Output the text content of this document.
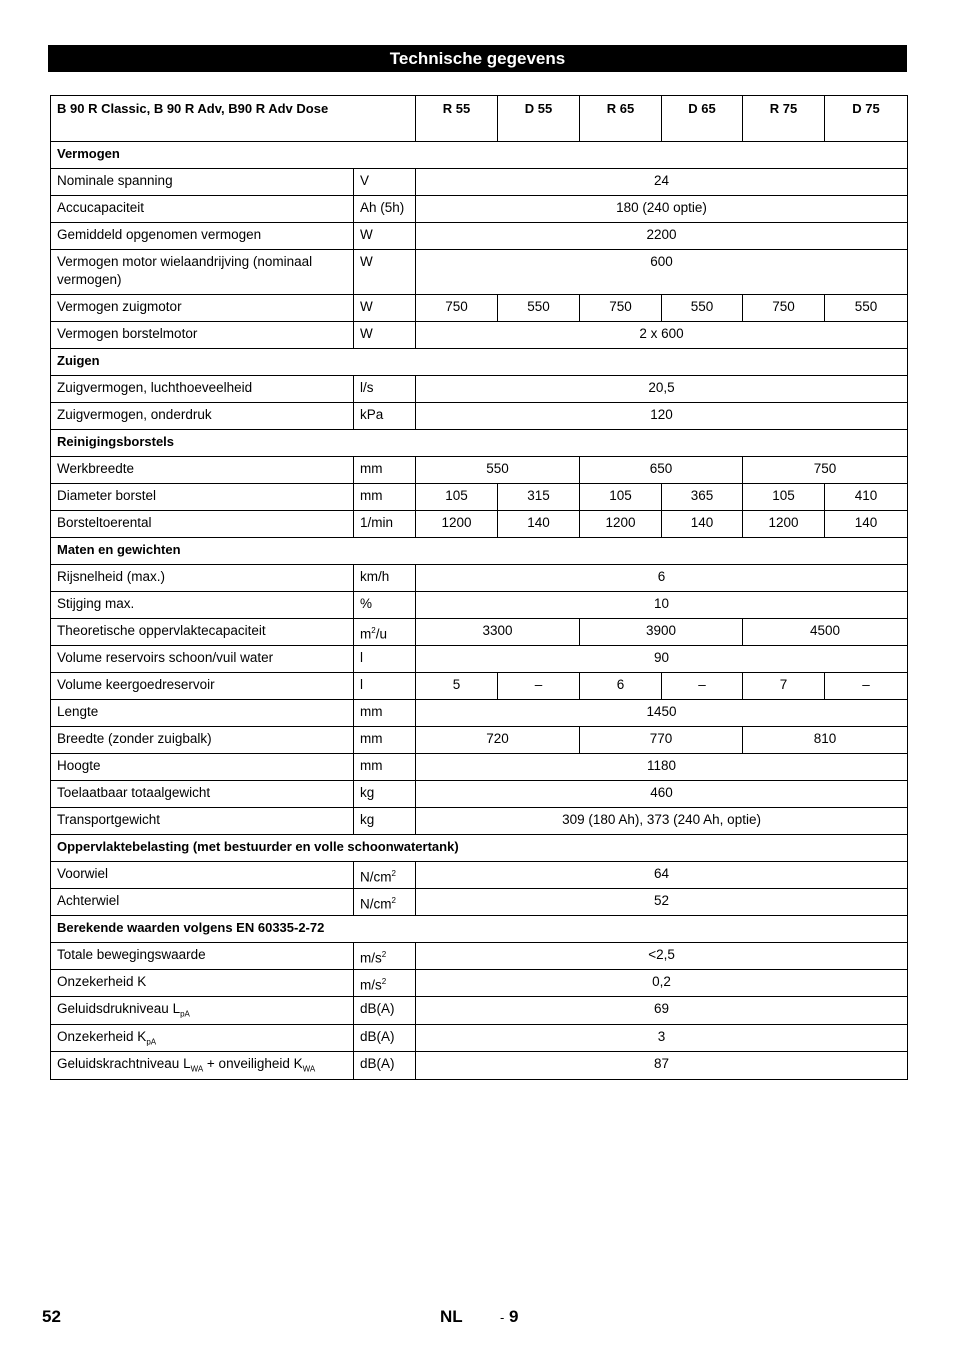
Technische gegevens
B 90 R Classic, B 90 R Adv, B90 R Adv Dose		R 55	D 55	R 65	D 65	R 75	D 75
Vermogen							
Nominale spanning	V	24					
Accucapaciteit	Ah (5h)	180 (240 optie)					
Gemiddeld opgenomen vermogen	W	2200					
Vermogen motor wielaandrijving (nominaal vermogen)	W	600					
Vermogen zuigmotor	W	750	550	750	550	750	550
Vermogen borstelmotor	W	2 x 600					
Zuigen							
Zuigvermogen, luchthoeveelheid	l/s	20,5					
Zuigvermogen, onderdruk	kPa	120					
Reinigingsborstels							
Werkbreedte	mm	550		650		750	
Diameter borstel	mm	105	315	105	365	105	410
Borsteltoerental	1/min	1200	140	1200	140	1200	140
Maten en gewichten							
Rijsnelheid (max.)	km/h	6					
Stijging max.	%	10					
Theoretische oppervlaktecapaciteit	$m^2/u$	3300		3900		4500	
Volume reservoirs schoon/vuil water	l	90					
Volume keergoedreservoir	l	5	–	6	–	7	–
Lengte	mm	1450					
Breedte (zonder zuigbalk)	mm	720		770		810	
Hoogte	mm	1180					
Toelaatbaar totaalgewicht	kg	460					
Transportgewicht	kg	309 (180 Ah), 373 (240 Ah, optie)					
Oppervlaktebelasting (met bestuurder en volle schoonwatertank)							
Voorwiel	$N/cm^2$	64					
Achterwiel	$N/cm^2$	52					
Berekende waarden volgens EN 60335-2-72							
Totale bewegingswaarde	$m/s^2$	<2,5					
Onzekerheid K	$m/s^2$	0,2					
Geluidsdrukniveau $L_{pA}$	dB(A)	69					
Onzekerheid $K_{pA}$	dB(A)	3					
Geluidskrachtniveau $L_{WA}$ + onveiligheid $K_{WA}$	dB(A)	87					
52	NL	- 9
